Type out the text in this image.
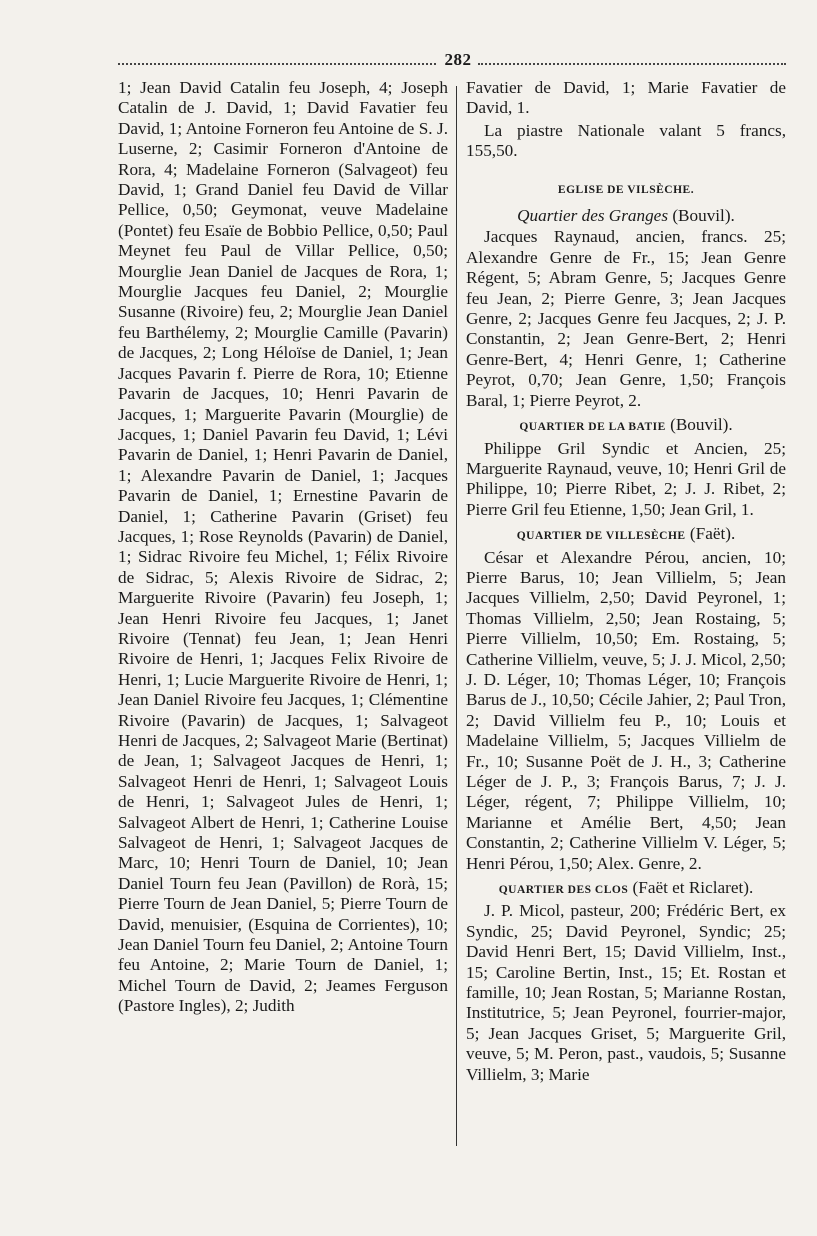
282

1; Jean David Catalin feu Joseph, 4; Joseph Catalin de J. David, 1; David Favatier feu David, 1; Antoine Forneron feu Antoine de S. J. Luserne, 2; Casimir Forneron d'Antoine de Rora, 4; Madelaine Forneron (Salvageot) feu David, 1; Grand Daniel feu David de Villar Pellice, 0,50; Geymonat, veuve Madelaine (Pontet) feu Esaïe de Bobbio Pellice, 0,50; Paul Meynet feu Paul de Villar Pellice, 0,50; Mourglie Jean Daniel de Jacques de Rora, 1; Mourglie Jacques feu Daniel, 2; Mourglie Susanne (Rivoire) feu, 2; Mourglie Jean Daniel feu Barthélemy, 2; Mourglie Camille (Pavarin) de Jacques, 2; Long Héloïse de Daniel, 1; Jean Jacques Pavarin f. Pierre de Rora, 10; Etienne Pavarin de Jacques, 10; Henri Pavarin de Jacques, 1; Marguerite Pavarin (Mourglie) de Jacques, 1; Daniel Pavarin feu David, 1; Lévi Pavarin de Daniel, 1; Henri Pavarin de Daniel, 1; Alexandre Pavarin de Daniel, 1; Jacques Pavarin de Daniel, 1; Ernestine Pavarin de Daniel, 1; Catherine Pavarin (Griset) feu Jacques, 1; Rose Reynolds (Pavarin) de Daniel, 1; Sidrac Rivoire feu Michel, 1; Félix Rivoire de Sidrac, 5; Alexis Rivoire de Sidrac, 2; Marguerite Rivoire (Pavarin) feu Joseph, 1; Jean Henri Rivoire feu Jacques, 1; Janet Rivoire (Tennat) feu Jean, 1; Jean Henri Rivoire de Henri, 1; Jacques Felix Rivoire de Henri, 1; Lucie Marguerite Rivoire de Henri, 1; Jean Daniel Rivoire feu Jacques, 1; Clémentine Rivoire (Pavarin) de Jacques, 1; Salvageot Henri de Jacques, 2; Salvageot Marie (Bertinat) de Jean, 1; Salvageot Jacques de Henri, 1; Salvageot Henri de Henri, 1; Salvageot Louis de Henri, 1; Salvageot Jules de Henri, 1; Salvageot Albert de Henri, 1; Catherine Louise Salvageot de Henri, 1; Salvageot Jacques de Marc, 10; Henri Tourn de Daniel, 10; Jean Daniel Tourn feu Jean (Pavillon) de Rorà, 15; Pierre Tourn de Jean Daniel, 5; Pierre Tourn de David, menuisier, (Esquina de Corrientes), 10; Jean Daniel Tourn feu Daniel, 2; Antoine Tourn feu Antoine, 2; Marie Tourn de Daniel, 1; Michel Tourn de David, 2; Jeames Ferguson (Pastore Ingles), 2; Judith

Favatier de David, 1; Marie Favatier de David, 1.

La piastre Nationale valant 5 francs, 155,50.

EGLISE DE VILSÈCHE.
Quartier des Granges (Bouvil).

Jacques Raynaud, ancien, francs. 25; Alexandre Genre de Fr., 15; Jean Genre Régent, 5; Abram Genre, 5; Jacques Genre feu Jean, 2; Pierre Genre, 3; Jean Jacques Genre, 2; Jacques Genre feu Jacques, 2; J. P. Constantin, 2; Jean Genre-Bert, 2; Henri Genre-Bert, 4; Henri Genre, 1; Catherine Peyrot, 0,70; Jean Genre, 1,50; François Baral, 1; Pierre Peyrot, 2.

QUARTIER DE LA BATIE (Bouvil).

Philippe Gril Syndic et Ancien, 25; Marguerite Raynaud, veuve, 10; Henri Gril de Philippe, 10; Pierre Ribet, 2; J. J. Ribet, 2; Pierre Gril feu Etienne, 1,50; Jean Gril, 1.

QUARTIER DE VILLESÈCHE (Faët).

César et Alexandre Pérou, ancien, 10; Pierre Barus, 10; Jean Villielm, 5; Jean Jacques Villielm, 2,50; David Peyronel, 1; Thomas Villielm, 2,50; Jean Rostaing, 5; Pierre Villielm, 10,50; Em. Rostaing, 5; Catherine Villielm, veuve, 5; J. J. Micol, 2,50; J. D. Léger, 10; Thomas Léger, 10; François Barus de J., 10,50; Cécile Jahier, 2; Paul Tron, 2; David Villielm feu P., 10; Louis et Madelaine Villielm, 5; Jacques Villielm de Fr., 10; Susanne Poët de J. H., 3; Catherine Léger de J. P., 3; François Barus, 7; J. J. Léger, régent, 7; Philippe Villielm, 10; Marianne et Amélie Bert, 4,50; Jean Constantin, 2; Catherine Villielm V. Léger, 5; Henri Pérou, 1,50; Alex. Genre, 2.

QUARTIER DES CLOS (Faët et Riclaret).

J. P. Micol, pasteur, 200; Frédéric Bert, ex Syndic, 25; David Peyronel, Syndic; 25; David Henri Bert, 15; David Villielm, Inst., 15; Caroline Bertin, Inst., 15; Et. Rostan et famille, 10; Jean Rostan, 5; Marianne Rostan, Institutrice, 5; Jean Peyronel, fourrier-major, 5; Jean Jacques Griset, 5; Marguerite Gril, veuve, 5; M. Peron, past., vaudois, 5; Susanne Villielm, 3; Marie
